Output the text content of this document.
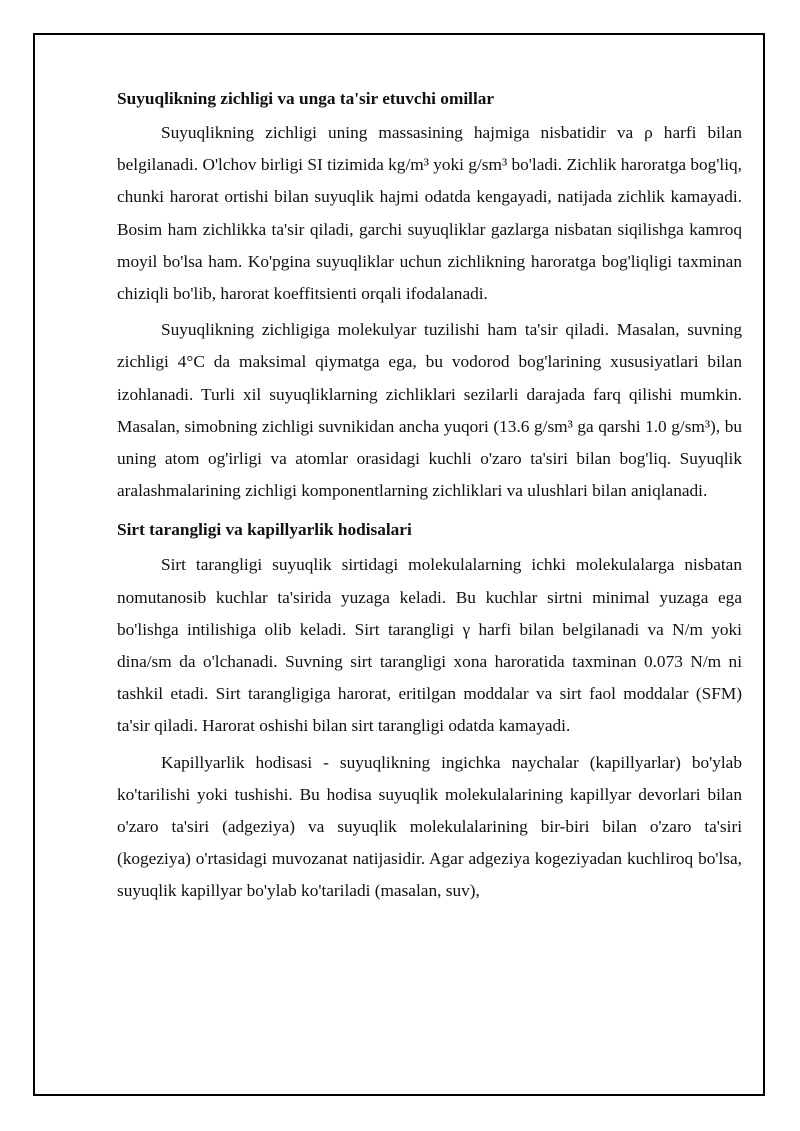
Suyuqlikning zichligi va unga ta'sir etuvchi omillar

Suyuqlikning zichligi uning massasining hajmiga nisbatidir va ρ harfi bilan belgilanadi. O'lchov birligi SI tizimida kg/m³ yoki g/sm³ bo'ladi. Zichlik haroratga bog'liq, chunki harorat ortishi bilan suyuqlik hajmi odatda kengayadi, natijada zichlik kamayadi. Bosim ham zichlikka ta'sir qiladi, garchi suyuqliklar gazlarga nisbatan siqilishga kamroq moyil bo'lsa ham. Ko'pgina suyuqliklar uchun zichlikning haroratga bog'liqligi taxminan chiziqli bo'lib, harorat koeffitsienti orqali ifodalanadi.

Suyuqlikning zichligiga molekulyar tuzilishi ham ta'sir qiladi. Masalan, suvning zichligi 4°C da maksimal qiymatga ega, bu vodorod bog'larining xususiyatlari bilan izohlanadi. Turli xil suyuqliklarning zichliklari sezilarli darajada farq qilishi mumkin. Masalan, simobning zichligi suvnikidan ancha yuqori (13.6 g/sm³ ga qarshi 1.0 g/sm³), bu uning atom og'irligi va atomlar orasidagi kuchli o'zaro ta'siri bilan bog'liq. Suyuqlik aralashmalarining zichligi komponentlarning zichliklari va ulushlari bilan aniqlanadi.

Sirt tarangligi va kapillyarlik hodisalari

Sirt tarangligi suyuqlik sirtidagi molekulalarning ichki molekulalarga nisbatan nomutanosib kuchlar ta'sirida yuzaga keladi. Bu kuchlar sirtni minimal yuzaga ega bo'lishga intilishiga olib keladi. Sirt tarangligi γ harfi bilan belgilanadi va N/m yoki dina/sm da o'lchanadi. Suvning sirt tarangligi xona haroratida taxminan 0.073 N/m ni tashkil etadi. Sirt tarangligiga harorat, eritilgan moddalar va sirt faol moddalar (SFM) ta'sir qiladi. Harorat oshishi bilan sirt tarangligi odatda kamayadi.

Kapillyarlik hodisasi - suyuqlikning ingichka naychalar (kapillyarlar) bo'ylab ko'tarilishi yoki tushishi. Bu hodisa suyuqlik molekulalarining kapillyar devorlari bilan o'zaro ta'siri (adgeziya) va suyuqlik molekulalarining bir-biri bilan o'zaro ta'siri (kogeziya) o'rtasidagi muvozanat natijasidir. Agar adgeziya kogeziyadan kuchliroq bo'lsa, suyuqlik kapillyar bo'ylab ko'tariladi (masalan, suv),
